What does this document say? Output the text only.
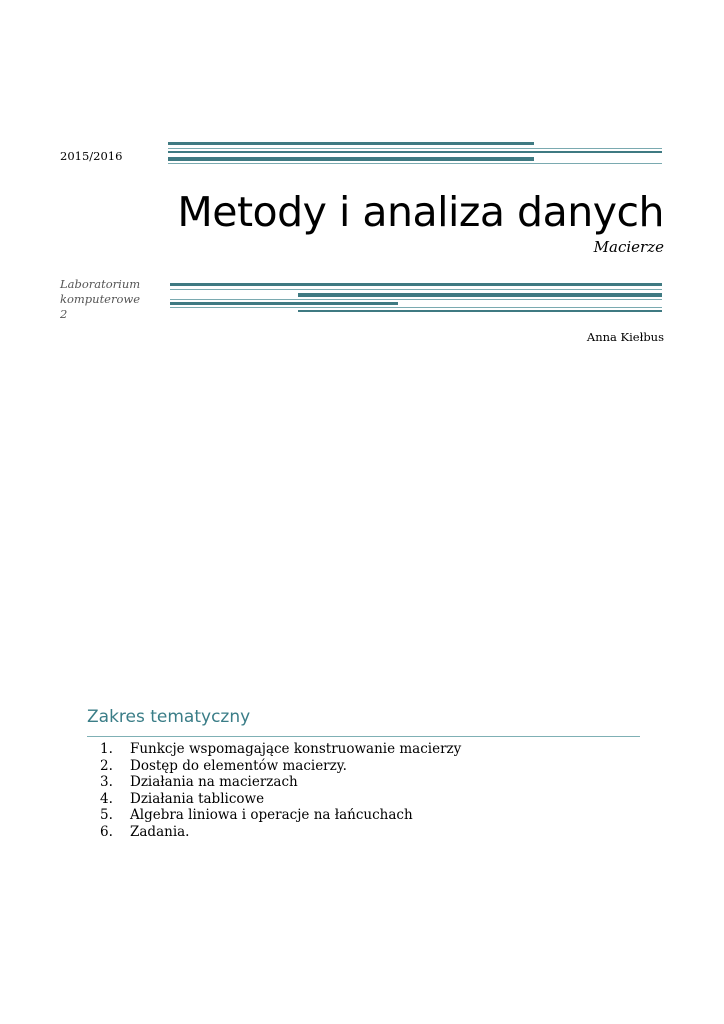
2015/2016
Metody i analiza danych
Macierze
Laboratorium
komputerowe
2
Anna Kiełbus
Zakres tematyczny
1.	Funkcje wspomagające konstruowanie macierzy
2.	Dostęp do elementów macierzy.
3.	Działania na macierzach
4.	Działania tablicowe
5.	Algebra liniowa i operacje na łańcuchach
6.	Zadania.
